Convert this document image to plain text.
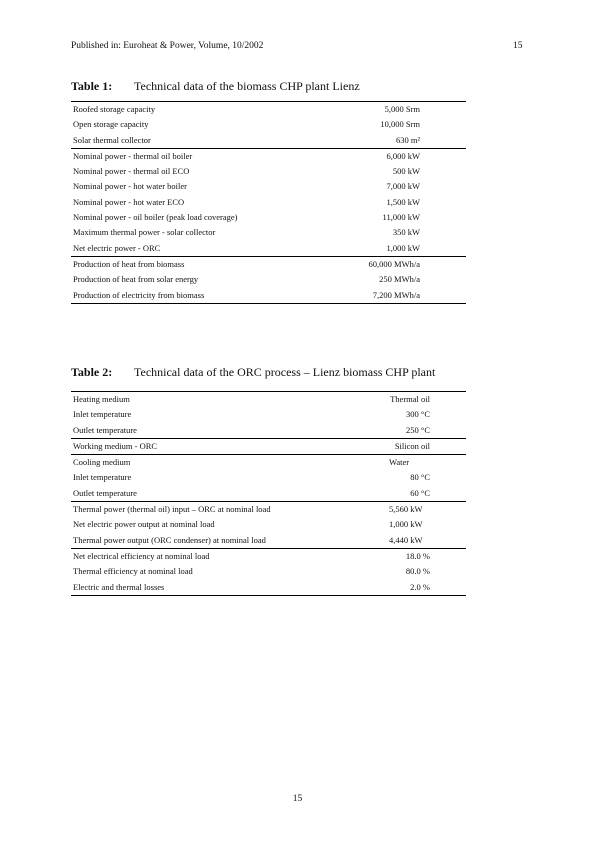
Published in: Euroheat & Power, Volume, 10/2002	15
Table 1: Technical data of the biomass CHP plant Lienz
Roofed storage capacity	5,000 Srm
Open storage capacity	10,000 Srm
Solar thermal collector	630 m²
Nominal power - thermal oil boiler	6,000 kW
Nominal power - thermal oil ECO	500 kW
Nominal power - hot water boiler	7,000 kW
Nominal power - hot water ECO	1,500 kW
Nominal power - oil boiler (peak load coverage)	11,000 kW
Maximum thermal power - solar collector	350 kW
Net electric power - ORC	1,000 kW
Production of heat from biomass	60,000 MWh/a
Production of heat from solar energy	250 MWh/a
Production of electricity from biomass	7,200 MWh/a
Table 2: Technical data of the ORC process – Lienz biomass CHP plant
Heating medium	Thermal oil
Inlet temperature	300 °C
Outlet temperature	250 °C
Working medium - ORC	Silicon oil
Cooling medium	Water
Inlet temperature	80 °C
Outlet temperature	60 °C
Thermal power (thermal oil) input – ORC at nominal load	5,560 kW
Net electric power output at nominal load	1,000 kW
Thermal power output (ORC condenser) at nominal load	4,440 kW
Net electrical efficiency at nominal load	18.0 %
Thermal efficiency at nominal load	80.0 %
Electric and thermal losses	2.0 %
15
